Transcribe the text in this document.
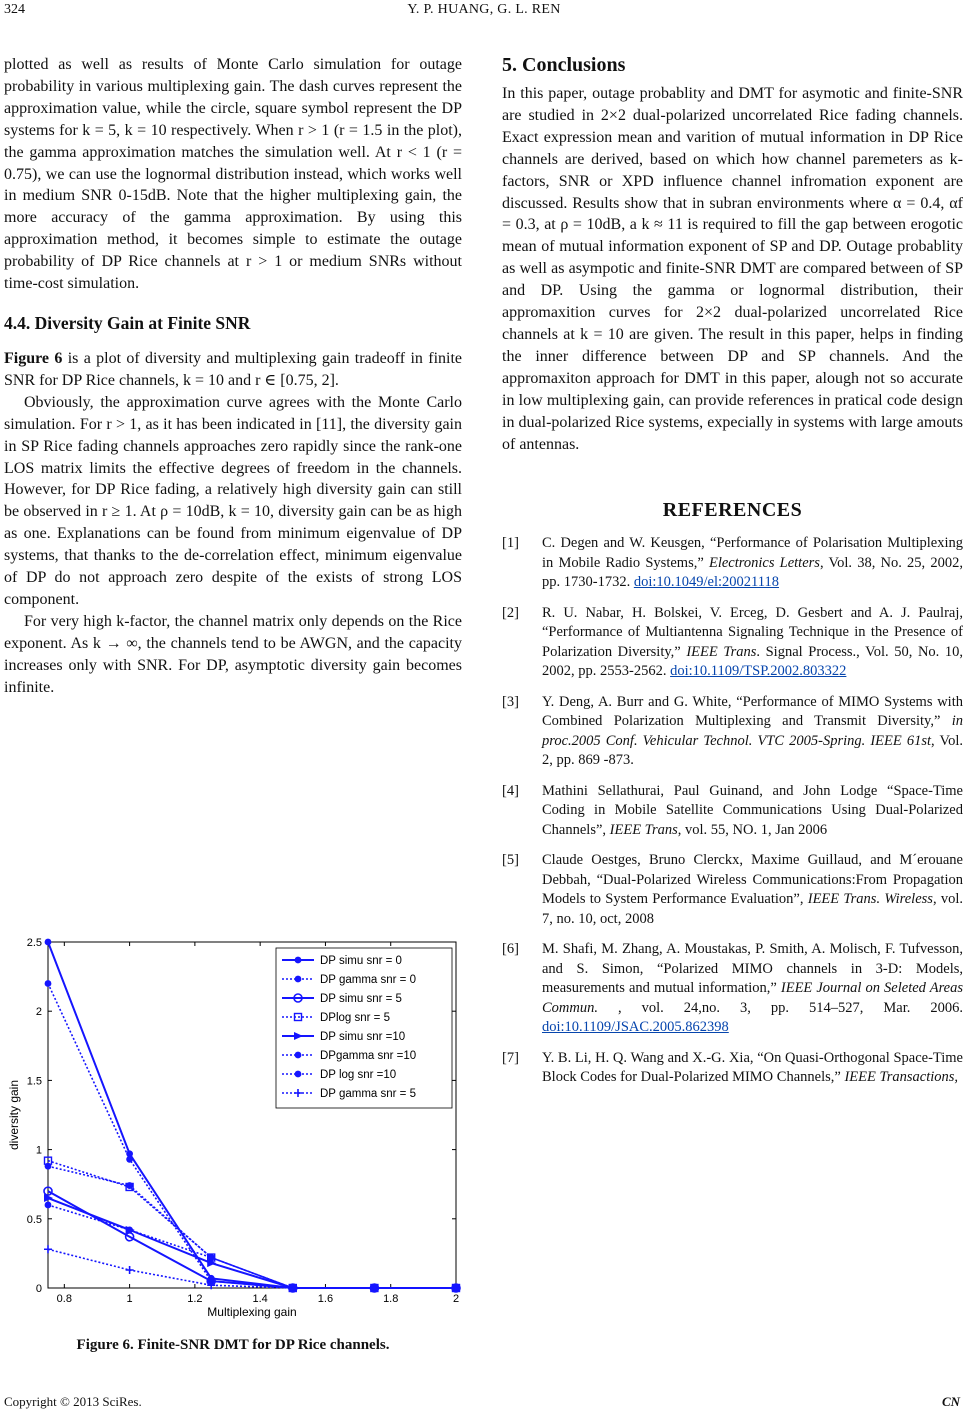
324	Y. P. HUANG, G. L. REN

plotted as well as results of Monte Carlo simulation for outage probability in various multiplexing gain. The dash curves represent the approximation value, while the circle, square symbol represent the DP systems for k = 5, k = 10 respectively. When r > 1 (r = 1.5 in the plot), the gamma approximation matches the simulation well. At r < 1 (r = 0.75), we can use the lognormal distribution instead, which works well in medium SNR 0-15dB. Note that the higher multiplexing gain, the more accuracy of the gamma approximation. By using this approximation method, it becomes simple to estimate the outage probability of DP Rice channels at r > 1 or medium SNRs without time-cost simulation.

4.4. Diversity Gain at Finite SNR

Figure 6 is a plot of diversity and multiplexing gain tradeoff in finite SNR for DP Rice channels, k = 10 and r ∈ [0.75, 2].

Obviously, the approximation curve agrees with the Monte Carlo simulation. For r > 1, as it has been indicated in [11], the diversity gain in SP Rice fading channels approaches zero rapidly since the rank-one LOS matrix limits the effective degrees of freedom in the channels. However, for DP Rice fading, a relatively high diversity gain can still be observed in r ≥ 1. At ρ = 10dB, k = 10, diversity gain can be as high as one. Explanations can be found from minimum eigenvalue of DP systems, that thanks to the de-correlation effect, minimum eigenvalue of DP do not approach zero despite of the exists of strong LOS component.

For very high k-factor, the channel matrix only depends on the Rice exponent. As k → ∞, the channels tend to be AWGN, and the capacity increases only with SNR. For DP, asymptotic diversity gain becomes infinite.

0.8	1	1.2	1.4	1.6	1.8	2
0
0.5
1
1.5
2
2.5
Multiplexing gain
diversity gain
DP simu snr = 0
DP gamma snr = 0
DP simu snr = 5
DPlog snr = 5
DP simu snr =10
DPgamma snr =10
DP log snr =10
DP gamma snr = 5
Figure 6. Finite-SNR DMT for DP Rice channels.
5. Conclusions

In this paper, outage probablity and DMT for asymotic and finite-SNR are studied in 2×2 dual-polarized uncorrelated Rice fading channels. Exact expression mean and varition of mutual information in DP Rice channels are derived, based on which how channel paremeters as k-factors, SNR or XPD influence channel infromation exponent are discussed. Results show that in subran environments where α = 0.4, αf = 0.3, at ρ = 10dB, a k ≈ 11 is required to fill the gap between erogotic mean of mutual information exponent of SP and DP. Outage probablity as well as asympotic and finite-SNR DMT are compared between of SP and DP. Using the gamma or lognormal distribution, their appromaxition curves for 2×2 dual-polarized uncorrelated Rice channels at k = 10 are given. The result in this paper, helps in finding the inner difference between DP and SP channels. And the appromaxiton approach for DMT in this paper, alough not so accurate in low multiplexing gain, can provide references in pratical code design in dual-polarized Rice systems, expecially in systems with large amouts of antennas.

REFERENCES
[1] C. Degen and W. Keusgen, “Performance of Polarisation Multiplexing in Mobile Radio Systems,” Electronics Letters, Vol. 38, No. 25, 2002, pp. 1730-1732. doi:10.1049/el:20021118
[2] R. U. Nabar, H. Bolskei, V. Erceg, D. Gesbert and A. J. Paulraj, “Performance of Multiantenna Signaling Technique in the Presence of Polarization Diversity,” IEEE Trans. Signal Process., Vol. 50, No. 10, 2002, pp. 2553-2562. doi:10.1109/TSP.2002.803322
[3] Y. Deng, A. Burr and G. White, “Performance of MIMO Systems with Combined Polarization Multiplexing and Transmit Diversity,” in proc.2005 Conf. Vehicular Technol. VTC 2005-Spring. IEEE 61st, Vol. 2, pp. 869 -873.
[4] Mathini Sellathurai, Paul Guinand, and John Lodge “Space-Time Coding in Mobile Satellite Communications Using Dual-Polarized Channels”, IEEE Trans, vol. 55, NO. 1, Jan 2006
[5] Claude Oestges, Bruno Clerckx, Maxime Guillaud, and M´erouane Debbah, “Dual-Polarized Wireless Communications:From Propagation Models to System Performance Evaluation”, IEEE Trans. Wireless, vol. 7, no. 10, oct, 2008
[6] M. Shafi, M. Zhang, A. Moustakas, P. Smith, A. Molisch, F. Tufvesson, and S. Simon, “Polarized MIMO channels in 3-D: Models, measurements and mutual information,” IEEE Journal on Seleted Areas Commun. , vol. 24,no. 3, pp. 514–527, Mar. 2006. doi:10.1109/JSAC.2005.862398
[7] Y. B. Li, H. Q. Wang and X.-G. Xia, “On Quasi-Orthogonal Space-Time Block Codes for Dual-Polarized MIMO Channels,” IEEE Transactions,
Copyright © 2013 SciRes.	CN
